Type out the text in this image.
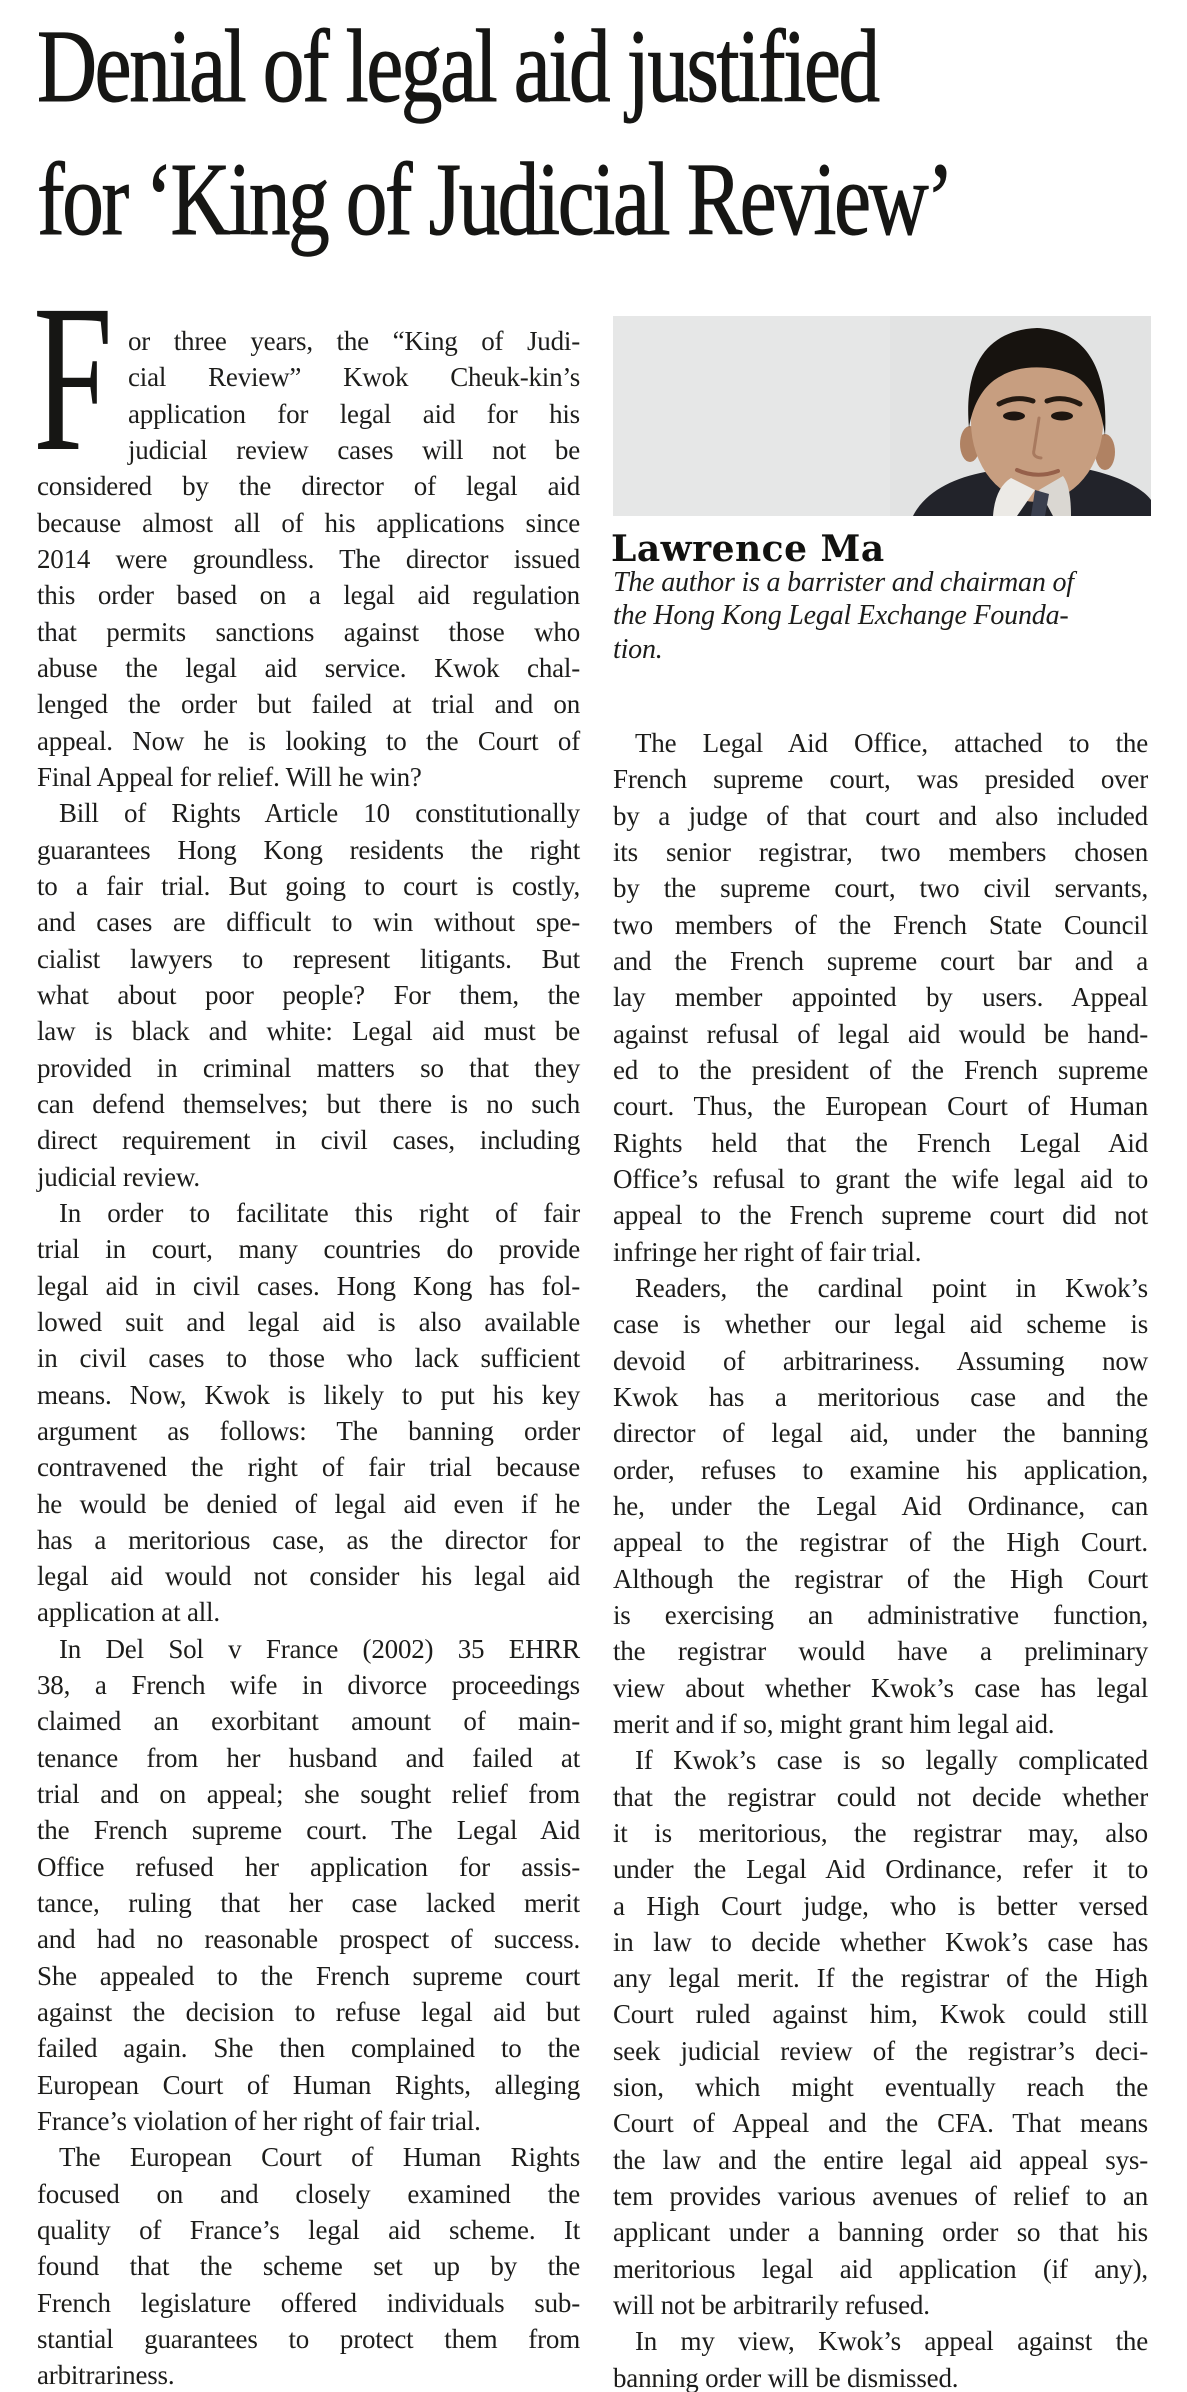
Denial of legal aid justified
for ‘King of Judicial Review’
F or three years, the “King of Judi-
cial Review” Kwok Cheuk-kin’s
application for legal aid for his
judicial review cases will not be
considered by the director of legal aid
because almost all of his applications since
2014 were groundless. The director issued
this order based on a legal aid regulation
that permits sanctions against those who
abuse the legal aid service. Kwok chal-
lenged the order but failed at trial and on
appeal. Now he is looking to the Court of
Final Appeal for relief. Will he win?
Bill of Rights Article 10 constitutionally
guarantees Hong Kong residents the right
to a fair trial. But going to court is costly,
and cases are difficult to win without spe-
cialist lawyers to represent litigants. But
what about poor people? For them, the
law is black and white: Legal aid must be
provided in criminal matters so that they
can defend themselves; but there is no such
direct requirement in civil cases, including
judicial review.
In order to facilitate this right of fair
trial in court, many countries do provide
legal aid in civil cases. Hong Kong has fol-
lowed suit and legal aid is also available
in civil cases to those who lack sufficient
means. Now, Kwok is likely to put his key
argument as follows: The banning order
contravened the right of fair trial because
he would be denied of legal aid even if he
has a meritorious case, as the director for
legal aid would not consider his legal aid
application at all.
In Del Sol v France (2002) 35 EHRR
38, a French wife in divorce proceedings
claimed an exorbitant amount of main-
tenance from her husband and failed at
trial and on appeal; she sought relief from
the French supreme court. The Legal Aid
Office refused her application for assis-
tance, ruling that her case lacked merit
and had no reasonable prospect of success.
She appealed to the French supreme court
against the decision to refuse legal aid but
failed again. She then complained to the
European Court of Human Rights, alleging
France’s violation of her right of fair trial.
The European Court of Human Rights
focused on and closely examined the
quality of France’s legal aid scheme. It
found that the scheme set up by the
French legislature offered individuals sub-
stantial guarantees to protect them from
arbitrariness.
Lawrence Ma
The author is a barrister and chairman of
the Hong Kong Legal Exchange Founda-
tion.
The Legal Aid Office, attached to the
French supreme court, was presided over
by a judge of that court and also included
its senior registrar, two members chosen
by the supreme court, two civil servants,
two members of the French State Council
and the French supreme court bar and a
lay member appointed by users. Appeal
against refusal of legal aid would be hand-
ed to the president of the French supreme
court. Thus, the European Court of Human
Rights held that the French Legal Aid
Office’s refusal to grant the wife legal aid to
appeal to the French supreme court did not
infringe her right of fair trial.
Readers, the cardinal point in Kwok’s
case is whether our legal aid scheme is
devoid of arbitrariness. Assuming now
Kwok has a meritorious case and the
director of legal aid, under the banning
order, refuses to examine his application,
he, under the Legal Aid Ordinance, can
appeal to the registrar of the High Court.
Although the registrar of the High Court
is exercising an administrative function,
the registrar would have a preliminary
view about whether Kwok’s case has legal
merit and if so, might grant him legal aid.
If Kwok’s case is so legally complicated
that the registrar could not decide whether
it is meritorious, the registrar may, also
under the Legal Aid Ordinance, refer it to
a High Court judge, who is better versed
in law to decide whether Kwok’s case has
any legal merit. If the registrar of the High
Court ruled against him, Kwok could still
seek judicial review of the registrar’s deci-
sion, which might eventually reach the
Court of Appeal and the CFA. That means
the law and the entire legal aid appeal sys-
tem provides various avenues of relief to an
applicant under a banning order so that his
meritorious legal aid application (if any),
will not be arbitrarily refused.
In my view, Kwok’s appeal against the
banning order will be dismissed.
